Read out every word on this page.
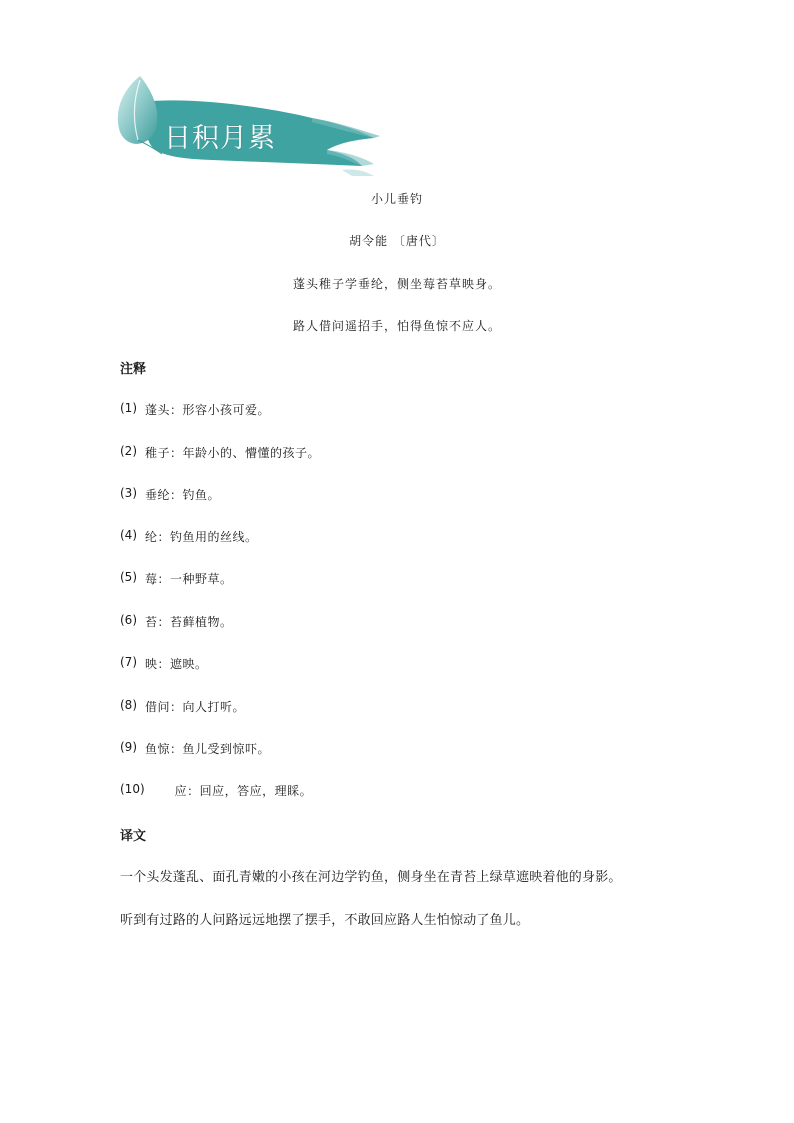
日积月累
小儿垂钓
胡令能 〔唐代〕
蓬头稚子学垂纶，侧坐莓苔草映身。
路人借问遥招手，怕得鱼惊不应人。
注释
(1) 蓬头：形容小孩可爱。
(2) 稚子：年龄小的、懵懂的孩子。
(3) 垂纶：钓鱼。
(4) 纶：钓鱼用的丝线。
(5) 莓：一种野草。
(6) 苔：苔藓植物。
(7) 映：遮映。
(8) 借问：向人打听。
(9) 鱼惊：鱼儿受到惊吓。
(10)	应：回应，答应，理睬。
译文
一个头发蓬乱、面孔青嫩的小孩在河边学钓鱼，侧身坐在青苔上绿草遮映着他的身影。
听到有过路的人问路远远地摆了摆手，不敢回应路人生怕惊动了鱼儿。
